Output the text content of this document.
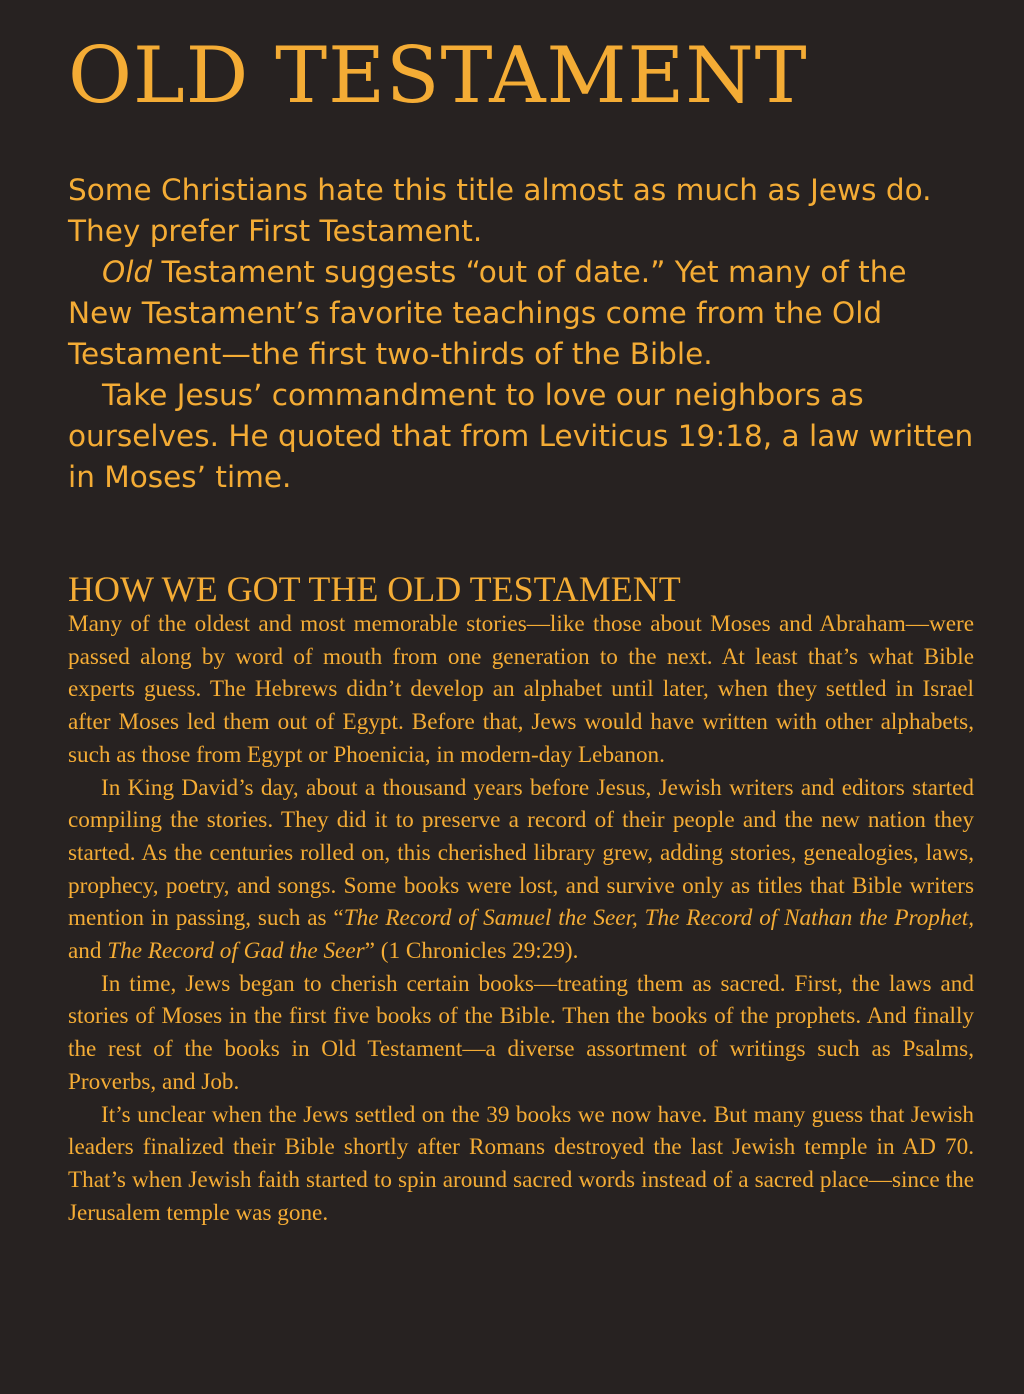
OLD TESTAMENT

Some Christians hate this title almost as much as Jews do. They prefer First Testament.

Old Testament suggests “out of date.” Yet many of the New Testament’s favorite teachings come from the Old Testament—the first two-thirds of the Bible.

Take Jesus’ commandment to love our neighbors as ourselves. He quoted that from Leviticus 19:18, a law written in Moses’ time.

HOW WE GOT THE OLD TESTAMENT

Many of the oldest and most memorable stories—like those about Moses and Abraham—were passed along by word of mouth from one generation to the next. At least that’s what Bible experts guess. The Hebrews didn’t develop an alphabet until later, when they settled in Israel after Moses led them out of Egypt. Before that, Jews would have written with other alphabets, such as those from Egypt or Phoenicia, in modern-day Lebanon.

In King David’s day, about a thousand years before Jesus, Jewish writers and editors started compiling the stories. They did it to preserve a record of their people and the new nation they started. As the centuries rolled on, this cherished library grew, adding stories, genealogies, laws, prophecy, poetry, and songs. Some books were lost, and survive only as titles that Bible writers mention in passing, such as “The Record of Samuel the Seer, The Record of Nathan the Prophet, and The Record of Gad the Seer” (1 Chronicles 29:29).

In time, Jews began to cherish certain books—treating them as sacred. First, the laws and stories of Moses in the first five books of the Bible. Then the books of the prophets. And finally the rest of the books in Old Testament—a diverse assortment of writings such as Psalms, Proverbs, and Job.

It’s unclear when the Jews settled on the 39 books we now have. But many guess that Jewish leaders finalized their Bible shortly after Romans destroyed the last Jewish temple in AD 70. That’s when Jewish faith started to spin around sacred words instead of a sacred place—since the Jerusalem temple was gone.
